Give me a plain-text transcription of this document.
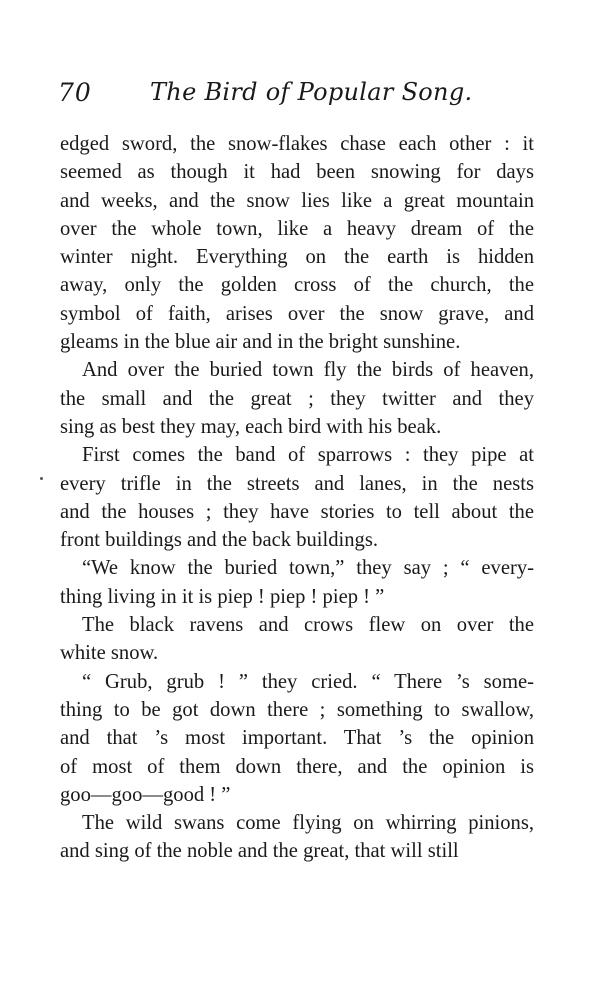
70 The Bird of Popular Song.
edged sword, the snow-flakes chase each other : it
seemed as though it had been snowing for days
and weeks, and the snow lies like a great mountain
over the whole town, like a heavy dream of the
winter night. Everything on the earth is hidden
away, only the golden cross of the church, the
symbol of faith, arises over the snow grave, and
gleams in the blue air and in the bright sunshine.
And over the buried town fly the birds of heaven,
the small and the great ; they twitter and they
sing as best they may, each bird with his beak.
First comes the band of sparrows : they pipe at
every trifle in the streets and lanes, in the nests
and the houses ; they have stories to tell about the
front buildings and the back buildings.
“We know the buried town,” they say ; “ every-
thing living in it is piep ! piep ! piep ! ”
The black ravens and crows flew on over the
white snow.
“ Grub, grub ! ” they cried. “ There ’s some-
thing to be got down there ; something to swallow,
and that ’s most important. That ’s the opinion
of most of them down there, and the opinion is
goo—goo—good ! ”
The wild swans come flying on whirring pinions,
and sing of the noble and the great, that will still
